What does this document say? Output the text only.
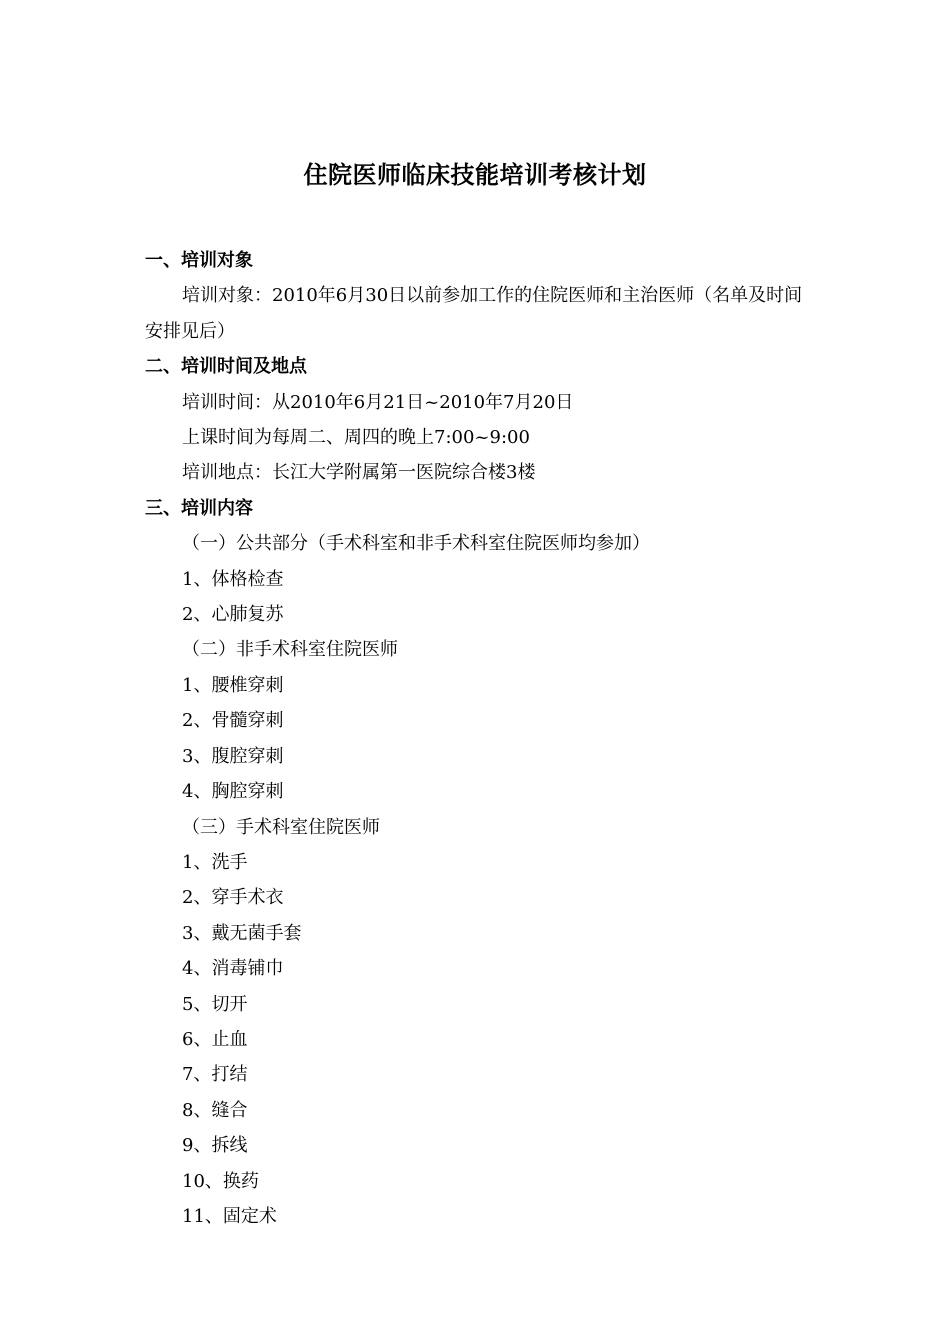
住院医师临床技能培训考核计划

一、培训对象

培训对象：2010年6月30日以前参加工作的住院医师和主治医师（名单及时间安排见后）

二、培训时间及地点

培训时间：从2010年6月21日~2010年7月20日

上课时间为每周二、周四的晚上7:00~9:00

培训地点：长江大学附属第一医院综合楼3楼

三、培训内容

（一）公共部分（手术科室和非手术科室住院医师均参加）

1、体格检查

2、心肺复苏

（二）非手术科室住院医师

1、腰椎穿刺

2、骨髓穿刺

3、腹腔穿刺

4、胸腔穿刺

（三）手术科室住院医师

1、洗手

2、穿手术衣

3、戴无菌手套

4、消毒铺巾

5、切开

6、止血

7、打结

8、缝合

9、拆线

10、换药

11、固定术
